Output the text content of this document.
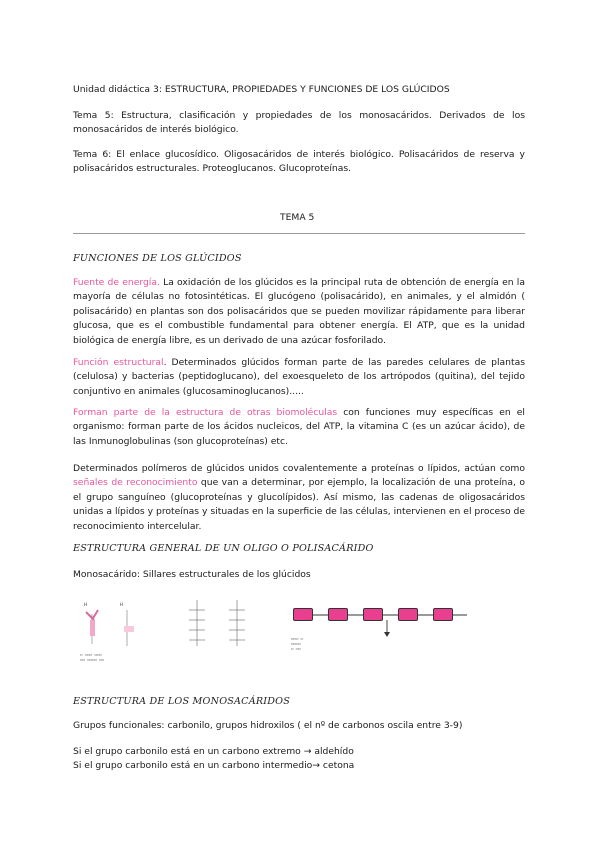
Unidad didáctica 3: ESTRUCTURA, PROPIEDADES Y FUNCIONES DE LOS GLÚCIDOS
Tema 5: Estructura, clasificación y propiedades de los monosacáridos. Derivados de los monosacáridos de interés biológico.
Tema 6: El enlace glucosídico. Oligosacáridos de interés biológico. Polisacáridos de reserva y polisacáridos estructurales. Proteoglucanos. Glucoproteínas.
TEMA 5
FUNCIONES DE LOS GLÚCIDOS
Fuente de energía. La oxidación de los glúcidos es la principal ruta de obtención de energía en la mayoría de células no fotosintéticas. El glucógeno (polisacárido), en animales, y el almidón ( polisacárido) en plantas son dos polisacáridos que se pueden movilizar rápidamente para liberar glucosa, que es el combustible fundamental para obtener energía. El ATP, que es la unidad biológica de energía libre, es un derivado de una azúcar fosforilado.
Función estructural. Determinados glúcidos forman parte de las paredes celulares de plantas (celulosa) y bacterias (peptidoglucano), del exoesqueleto de los artrópodos (quitina), del tejido conjuntivo en animales (glucosaminoglucanos).....
Forman parte de la estructura de otras biomoléculas con funciones muy específicas en el organismo: forman parte de los ácidos nucleicos, del ATP, la vitamina C (es un azúcar ácido), de las Inmunoglobulinas (son glucoproteínas) etc.
Determinados polímeros de glúcidos unidos covalentemente a proteínas o lípidos, actúan como señales de reconocimiento que van a determinar, por ejemplo, la localización de una proteína, o el grupo sanguíneo (glucoproteínas y glucolípidos). Así mismo, las cadenas de oligosacáridos unidas a lípidos y proteínas y situadas en la superficie de las células, intervienen en el proceso de reconocimiento intercelular.
ESTRUCTURA GENERAL DE UN OLIGO O POLISACÁRIDO
Monosacárido: Sillares estructurales de los glúcidos
H	H
▭ ▭▭▭ ▭▭▭
▭▭ ▭▭▭▭ ▭▭
▭▭▭ ▭
▭▭▭▭
▭ ▭▭
ESTRUCTURA DE LOS MONOSACÁRIDOS
Grupos funcionales: carbonilo, grupos hidroxilos ( el nº de carbonos oscila entre 3-9)
Si el grupo carbonilo está en un carbono extremo → aldehído
Si el grupo carbonilo está en un carbono intermedio→ cetona
